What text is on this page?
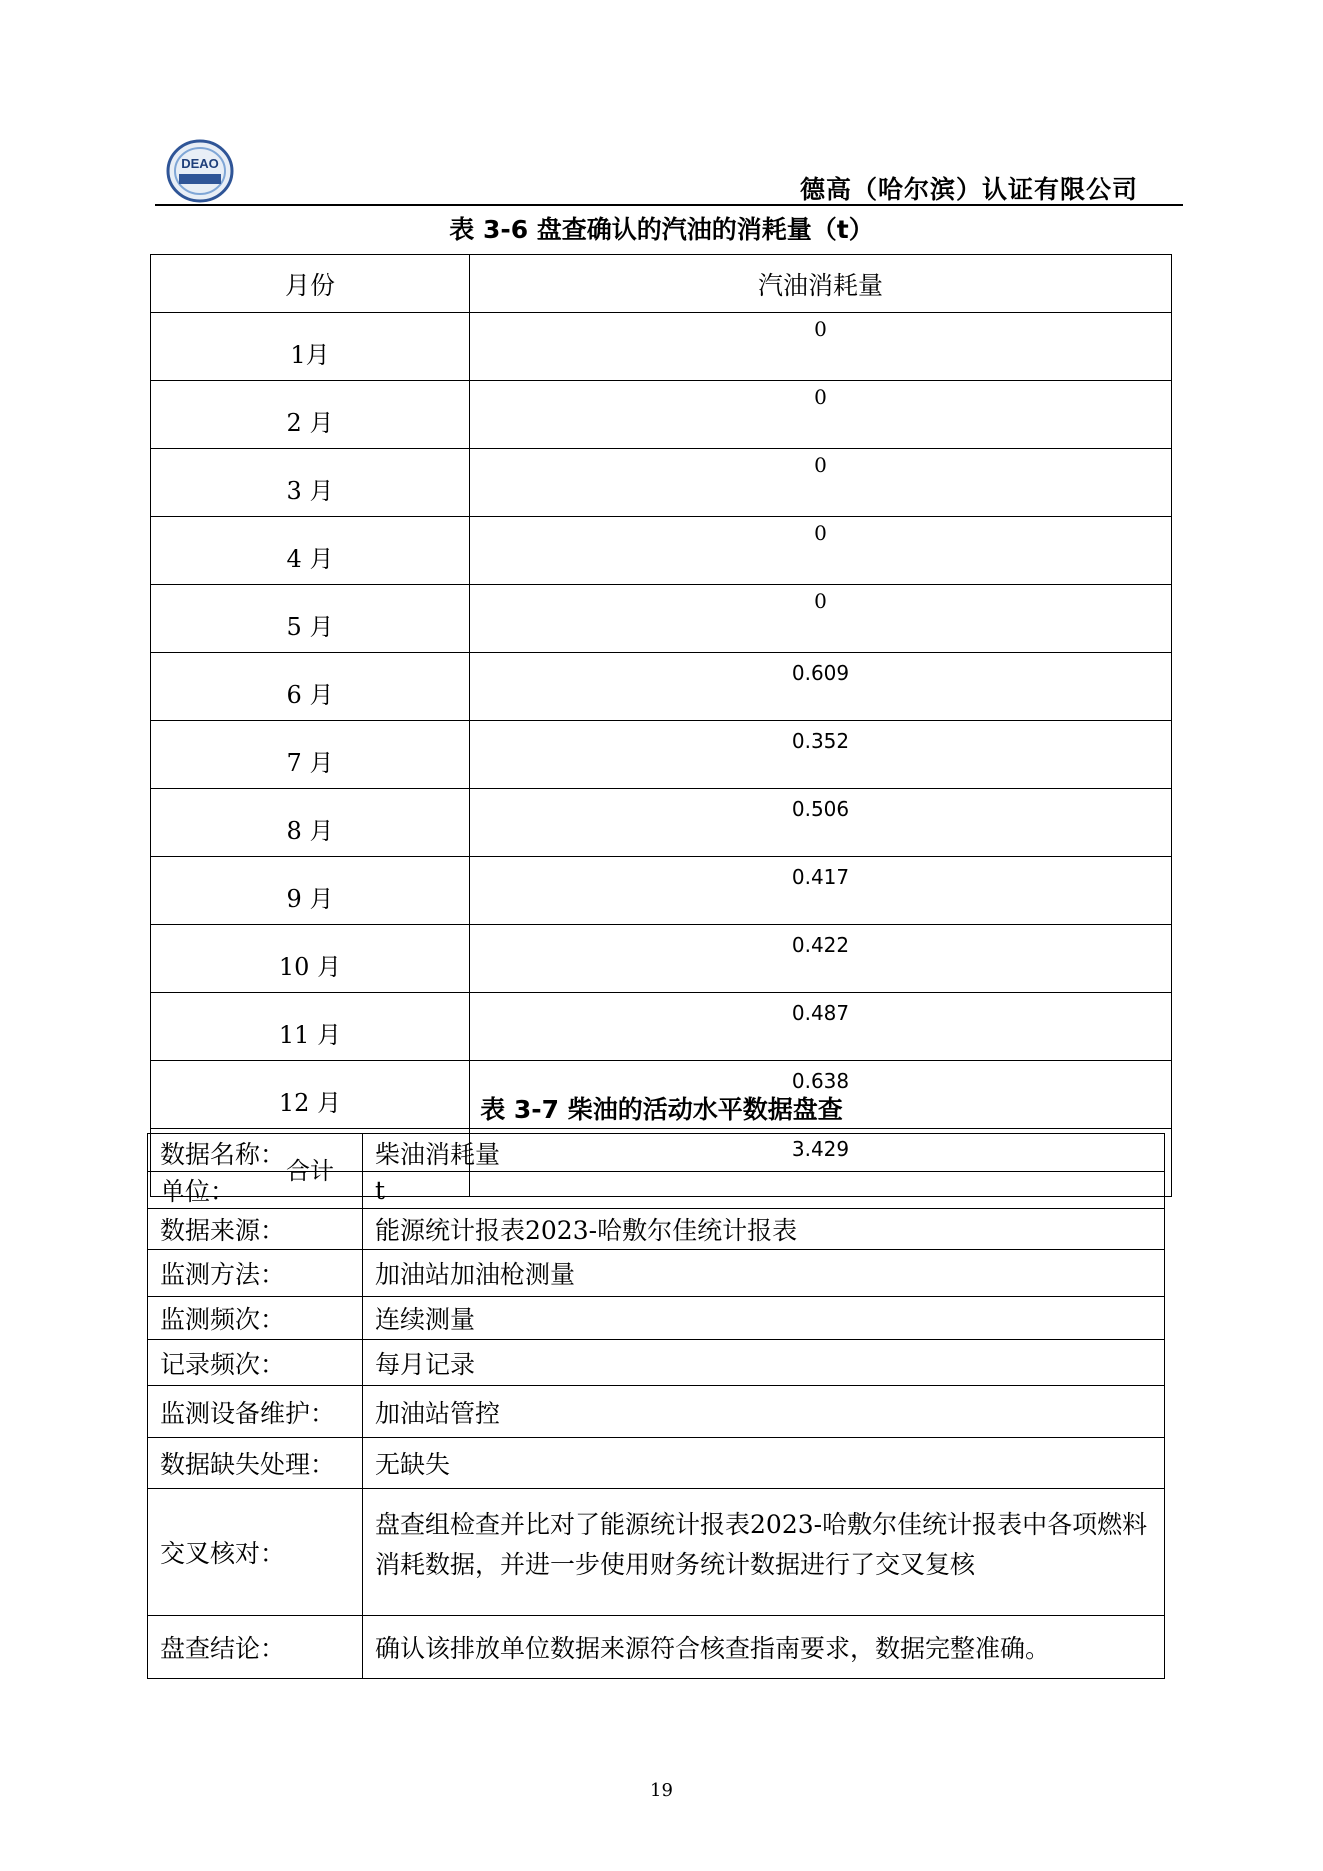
DEAO
德高（哈尔滨）认证有限公司
表 3-6 盘查确认的汽油的消耗量（t）
月份	汽油消耗量
1月	0
2 月	0
3 月	0
4 月	0
5 月	0
6 月	0.609
7 月	0.352
8 月	0.506
9 月	0.417
10 月	0.422
11 月	0.487
12 月	0.638
合计	3.429
表 3-7 柴油的活动水平数据盘查
数据名称：	柴油消耗量
单位：	t
数据来源：	能源统计报表2023-哈敷尔佳统计报表
监测方法：	加油站加油枪测量
监测频次：	连续测量
记录频次：	每月记录
监测设备维护：	加油站管控
数据缺失处理：	无缺失
交叉核对：	盘查组检查并比对了能源统计报表2023-哈敷尔佳统计报表中各项燃料消耗数据，并进一步使用财务统计数据进行了交叉复核
盘查结论：	确认该排放单位数据来源符合核查指南要求，数据完整准确。
19
